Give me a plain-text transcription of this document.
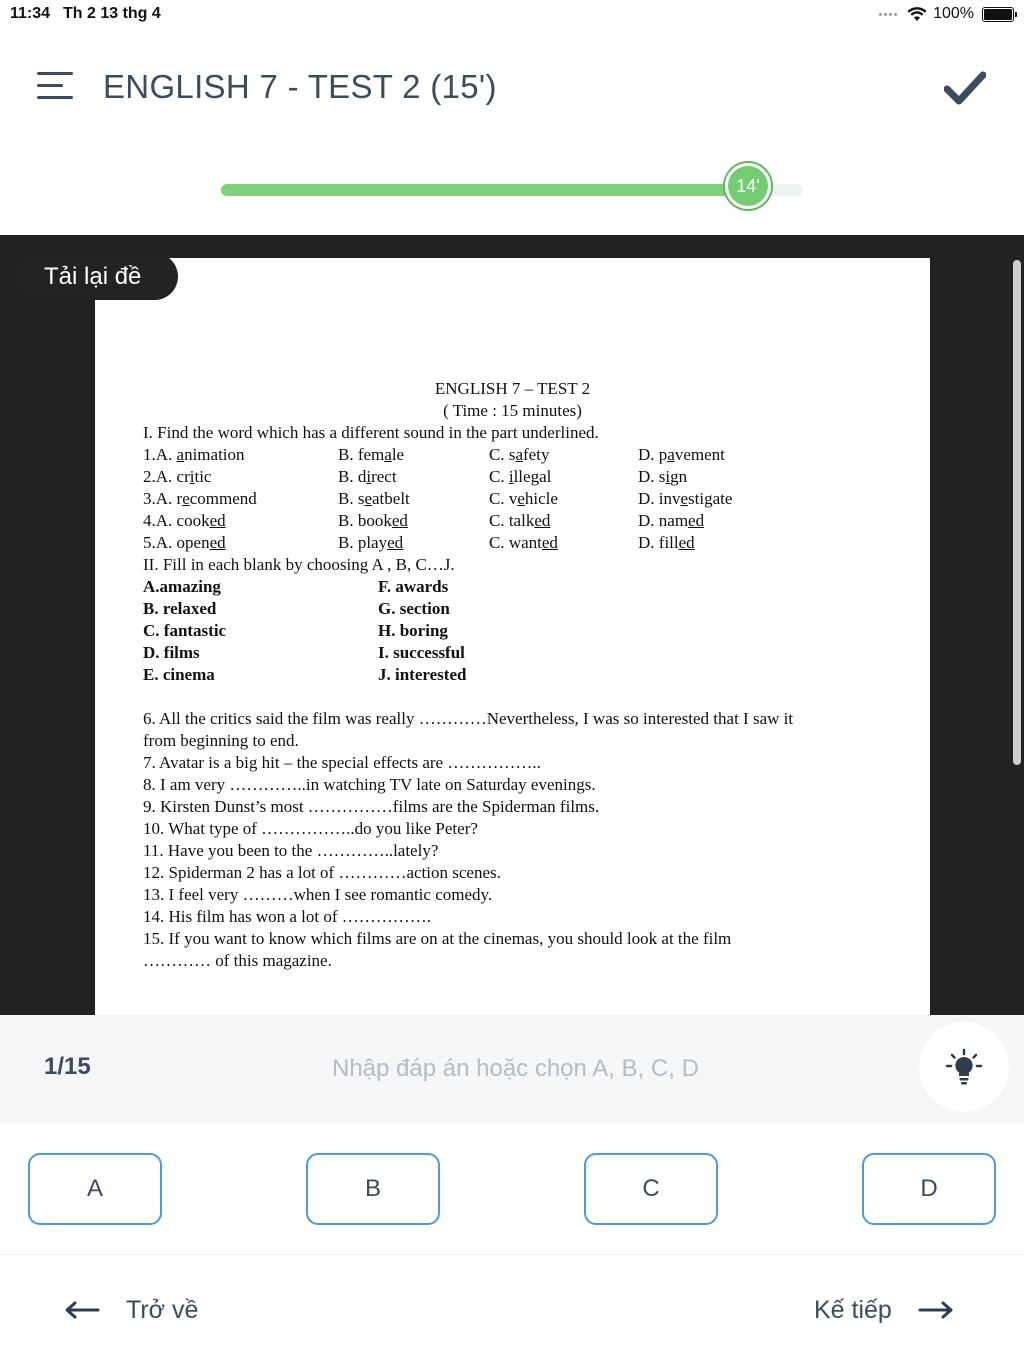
11:34 Th 2 13 thg 4	100%
ENGLISH 7 - TEST 2 (15')
14'
ENGLISH 7 – TEST 2
( Time : 15 minutes)
I. Find the word which has a different sound in the part underlined.
1.A. animation	B. female	C. safety	D. pavement
2.A. critic	B. direct	C. illegal	D. sign
3.A. recommend	B. seatbelt	C. vehicle	D. investigate
4.A. cooked	B. booked	C. talked	D. named
5.A. opened	B. played	C. wanted	D. filled
II. Fill in each blank by choosing A , B, C…J.
A.amazing	F. awards
B. relaxed	G. section
C. fantastic	H. boring
D. films	I. successful
E. cinema	J. interested
6. All the critics said the film was really …………Nevertheless, I was so interested that I saw it
from beginning to end.
7. Avatar is a big hit – the special effects are ……………..
8. I am very …………..in watching TV late on Saturday evenings.
9. Kirsten Dunst’s most ……………films are the Spiderman films.
10. What type of ……………..do you like Peter?
11. Have you been to the …………..lately?
12. Spiderman 2 has a lot of …………action scenes.
13. I feel very ………when I see romantic comedy.
14. His film has won a lot of …………….
15. If you want to know which films are on at the cinemas, you should look at the film
………… of this magazine.
Tải lại đề
1/15
Nhập đáp án hoặc chọn A, B, C, D
A	B	C	D
Trở về	Kế tiếp
